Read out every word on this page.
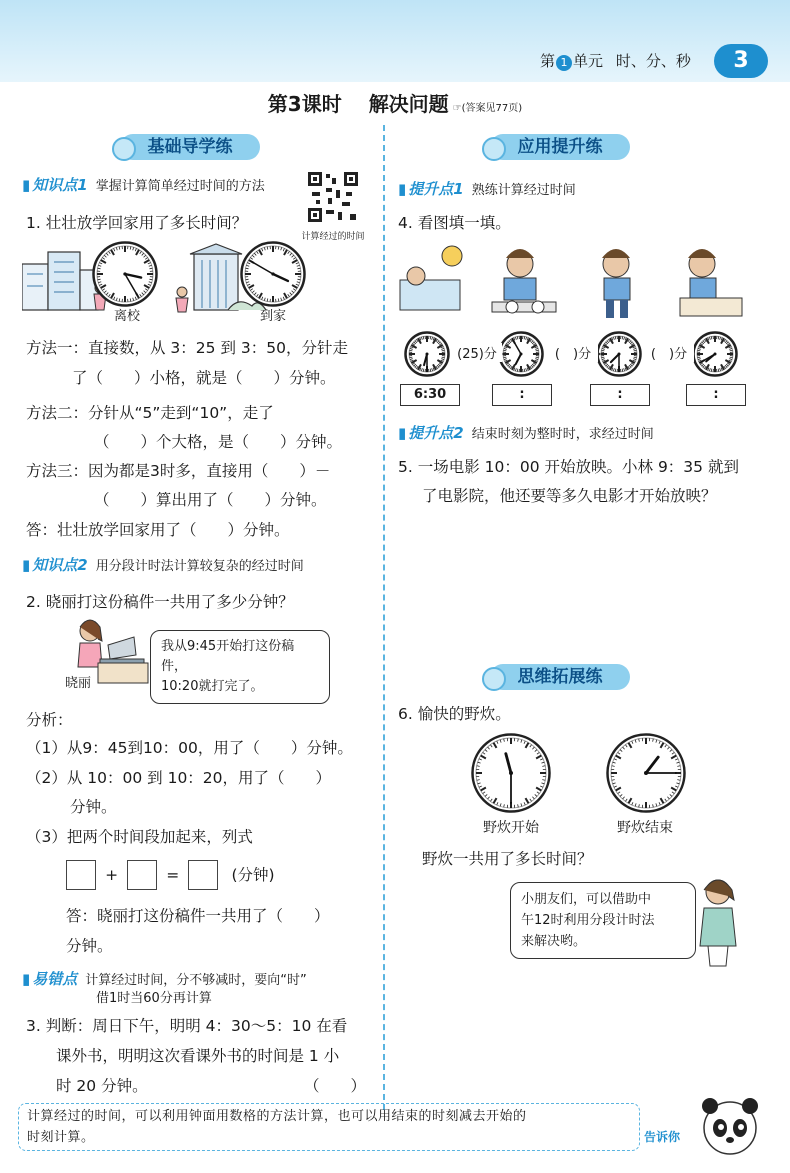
第 1 单元 时、分、秒	3
第3课时 解决问题 ☞(答案见77页)
基础导学练
▮ 知识点1 掌握计算简单经过时间的方法
计算经过的时间
1. 壮壮放学回家用了多长时间？
离校	到家
方法一：直接数，从 3：25 到 3：50，分针走
了（　　）小格，就是（　　）分钟。
方法二：分针从“5”走到“10”，走了
（　　）个大格，是（　　）分钟。
方法三：因为都是3时多，直接用（　　）－
（　　）算出用了（　　）分钟。
答：壮壮放学回家用了（　　）分钟。
▮ 知识点2 用分段计时法计算较复杂的经过时间
2. 晓丽打这份稿件一共用了多少分钟？
晓丽
我从9:45开始打这份稿件，
10:20就打完了。
分析：
（1）从9：45到10：00，用了（　　）分钟。
（2）从 10：00 到 10：20，用了（　　）
分钟。
（3）把两个时间段加起来，列式
+	=	(分钟)
答：晓丽打这份稿件一共用了（　　）
分钟。
▮ 易错点 计算经过时间，分不够减时，要向“时”
借1时当60分再计算
3. 判断：周日下午，明明 4：30～5：10 在看
课外书，明明这次看课外书的时间是 1 小
时 20 分钟。	（　　）
应用提升练
▮ 提升点1 熟练计算经过时间
4. 看图填一填。
(25)分	(　)分	(　)分
6:30	:	:	:
▮ 提升点2 结束时刻为整时时，求经过时间
5. 一场电影 10：00 开始放映。小林 9：35 就到
了电影院，他还要等多久电影才开始放映？
思维拓展练
6. 愉快的野炊。
野炊开始	野炊结束
野炊一共用了多长时间？
小朋友们，可以借助中
午12时利用分段计时法
来解决哟。
计算经过的时间，可以利用钟面用数格的方法计算，也可以用结束的时刻减去开始的
时刻计算。	告诉你
